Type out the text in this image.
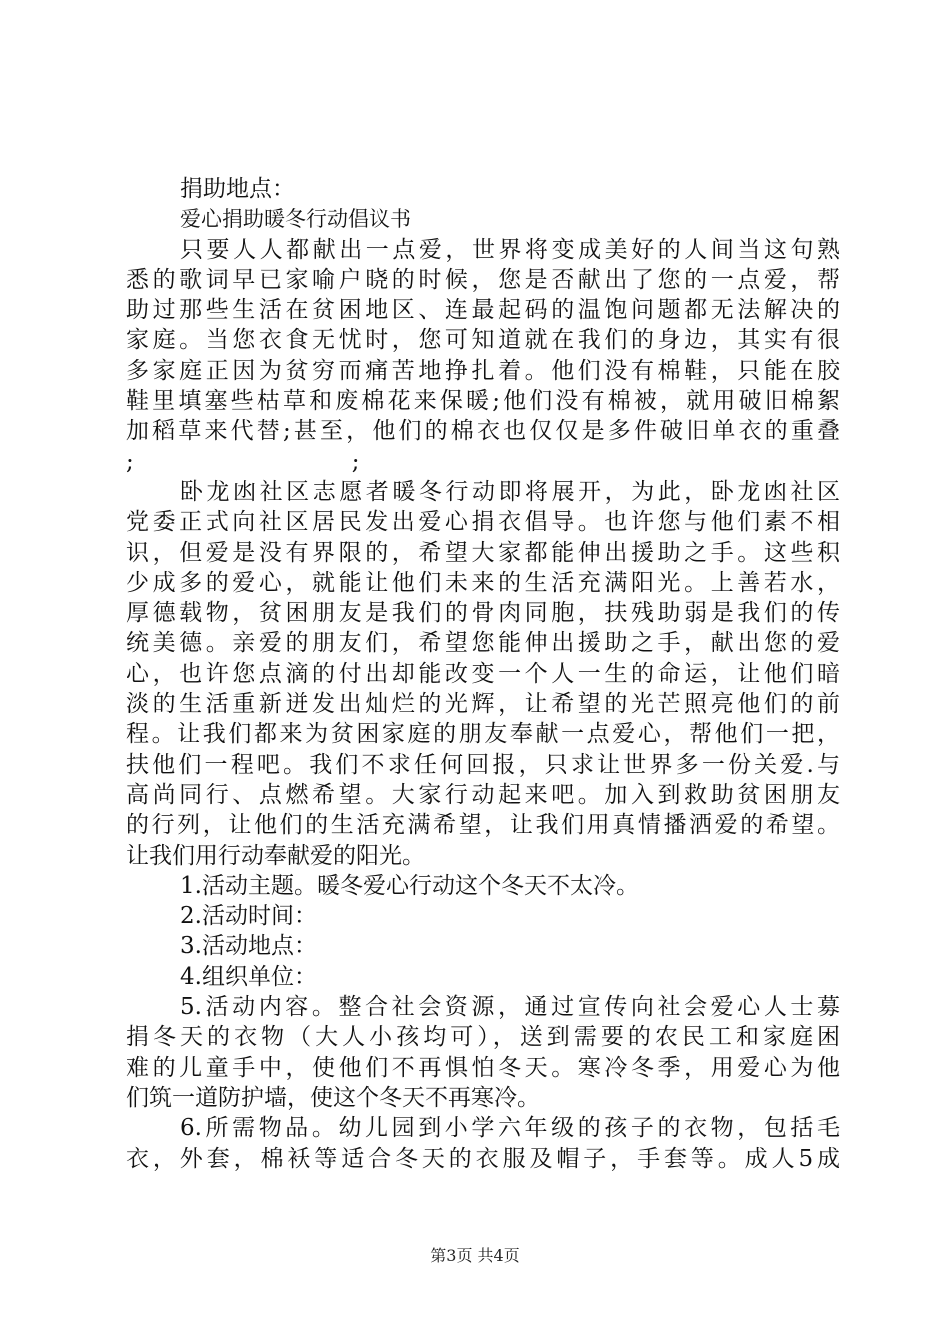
捐助地点：

爱心捐助暖冬行动倡议书

只要人人都献出一点爱，世界将变成美好的人间当这句熟

悉的歌词早已家喻户晓的时候，您是否献出了您的一点爱，帮

助过那些生活在贫困地区、连最起码的温饱问题都无法解决的

家庭。当您衣食无忧时，您可知道就在我们的身边，其实有很

多家庭正因为贫穷而痛苦地挣扎着。他们没有棉鞋，只能在胶

鞋里填塞些枯草和废棉花来保暖;他们没有棉被，就用破旧棉絮

加稻草来代替;甚至，他们的棉衣也仅仅是多件破旧单衣的重叠

;	;

卧龙凼社区志愿者暖冬行动即将展开，为此，卧龙凼社区

党委正式向社区居民发出爱心捐衣倡导。也许您与他们素不相

识，但爱是没有界限的，希望大家都能伸出援助之手。这些积

少成多的爱心，就能让他们未来的生活充满阳光。上善若水，

厚德载物，贫困朋友是我们的骨肉同胞，扶残助弱是我们的传

统美德。亲爱的朋友们，希望您能伸出援助之手，献出您的爱

心，也许您点滴的付出却能改变一个人一生的命运，让他们暗

淡的生活重新迸发出灿烂的光辉，让希望的光芒照亮他们的前

程。让我们都来为贫困家庭的朋友奉献一点爱心，帮他们一把，

扶他们一程吧。我们不求任何回报，只求让世界多一份关爱.与

高尚同行、点燃希望。大家行动起来吧。加入到救助贫困朋友

的行列，让他们的生活充满希望，让我们用真情播洒爱的希望。

让我们用行动奉献爱的阳光。

1.活动主题。暖冬爱心行动这个冬天不太冷。

2.活动时间：

3.活动地点：

4.组织单位：

5.活动内容。整合社会资源，通过宣传向社会爱心人士募

捐冬天的衣物（大人小孩均可），送到需要的农民工和家庭困

难的儿童手中，使他们不再惧怕冬天。寒冷冬季，用爱心为他

们筑一道防护墙，使这个冬天不再寒冷。

6.所需物品。幼儿园到小学六年级的孩子的衣物，包括毛

衣，外套，棉袄等适合冬天的衣服及帽子，手套等。成人5成

第3页 共4页
